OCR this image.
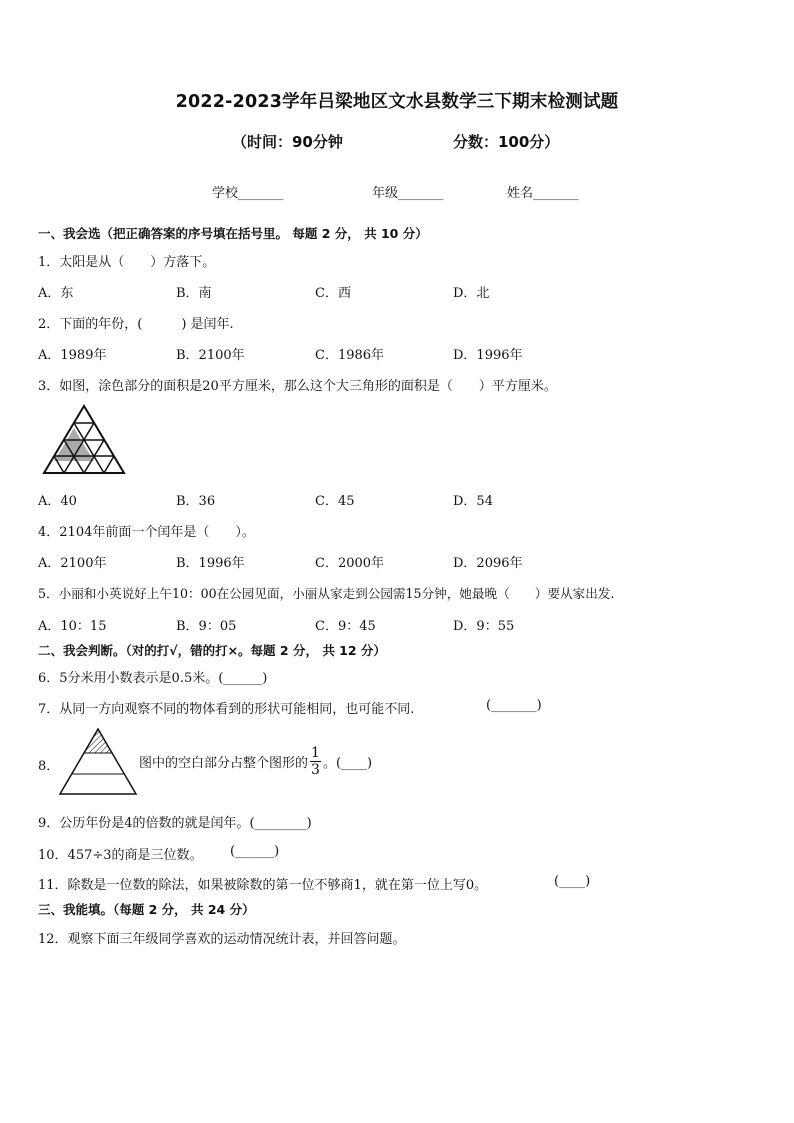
2022-2023学年吕梁地区文水县数学三下期末检测试题
（时间：90分钟	分数：100分）
学校_______	年级_______	姓名_______
一、我会选（把正确答案的序号填在括号里。 每题 2 分， 共 10 分）
1．太阳是从（　　）方落下。
A．东	B．南	C．西	D．北
2．下面的年份，(　　　) 是闰年.
A．1989年	B．2100年	C．1986年	D．1996年
3．如图，涂色部分的面积是20平方厘米，那么这个大三角形的面积是（　　）平方厘米。
A．40	B．36	C．45	D．54
4．2104年前面一个闰年是（　　）。
A．2100年	B．1996年	C．2000年	D．2096年
5．小丽和小英说好上午10：00在公园见面，小丽从家走到公园需15分钟，她最晚（　　）要从家出发.
A．10：15	B．9：05	C．9：45	D．9：55
二、我会判断。（对的打√，错的打×。每题 2 分， 共 12 分）
6．5分米用小数表示是0.5米。(______)
7．从同一方向观察不同的物体看到的形状可能相同，也可能不同.	(_______)
8．	图中的空白部分占整个图形的 $\frac{1}{3}$ 。(____)
9．公历年份是4的倍数的就是闰年。(________)
10．457÷3的商是三位数。 (______)
11．除数是一位数的除法，如果被除数的第一位不够商1，就在第一位上写0。	(____)
三、我能填。（每题 2 分， 共 24 分）
12．观察下面三年级同学喜欢的运动情况统计表，并回答问题。
